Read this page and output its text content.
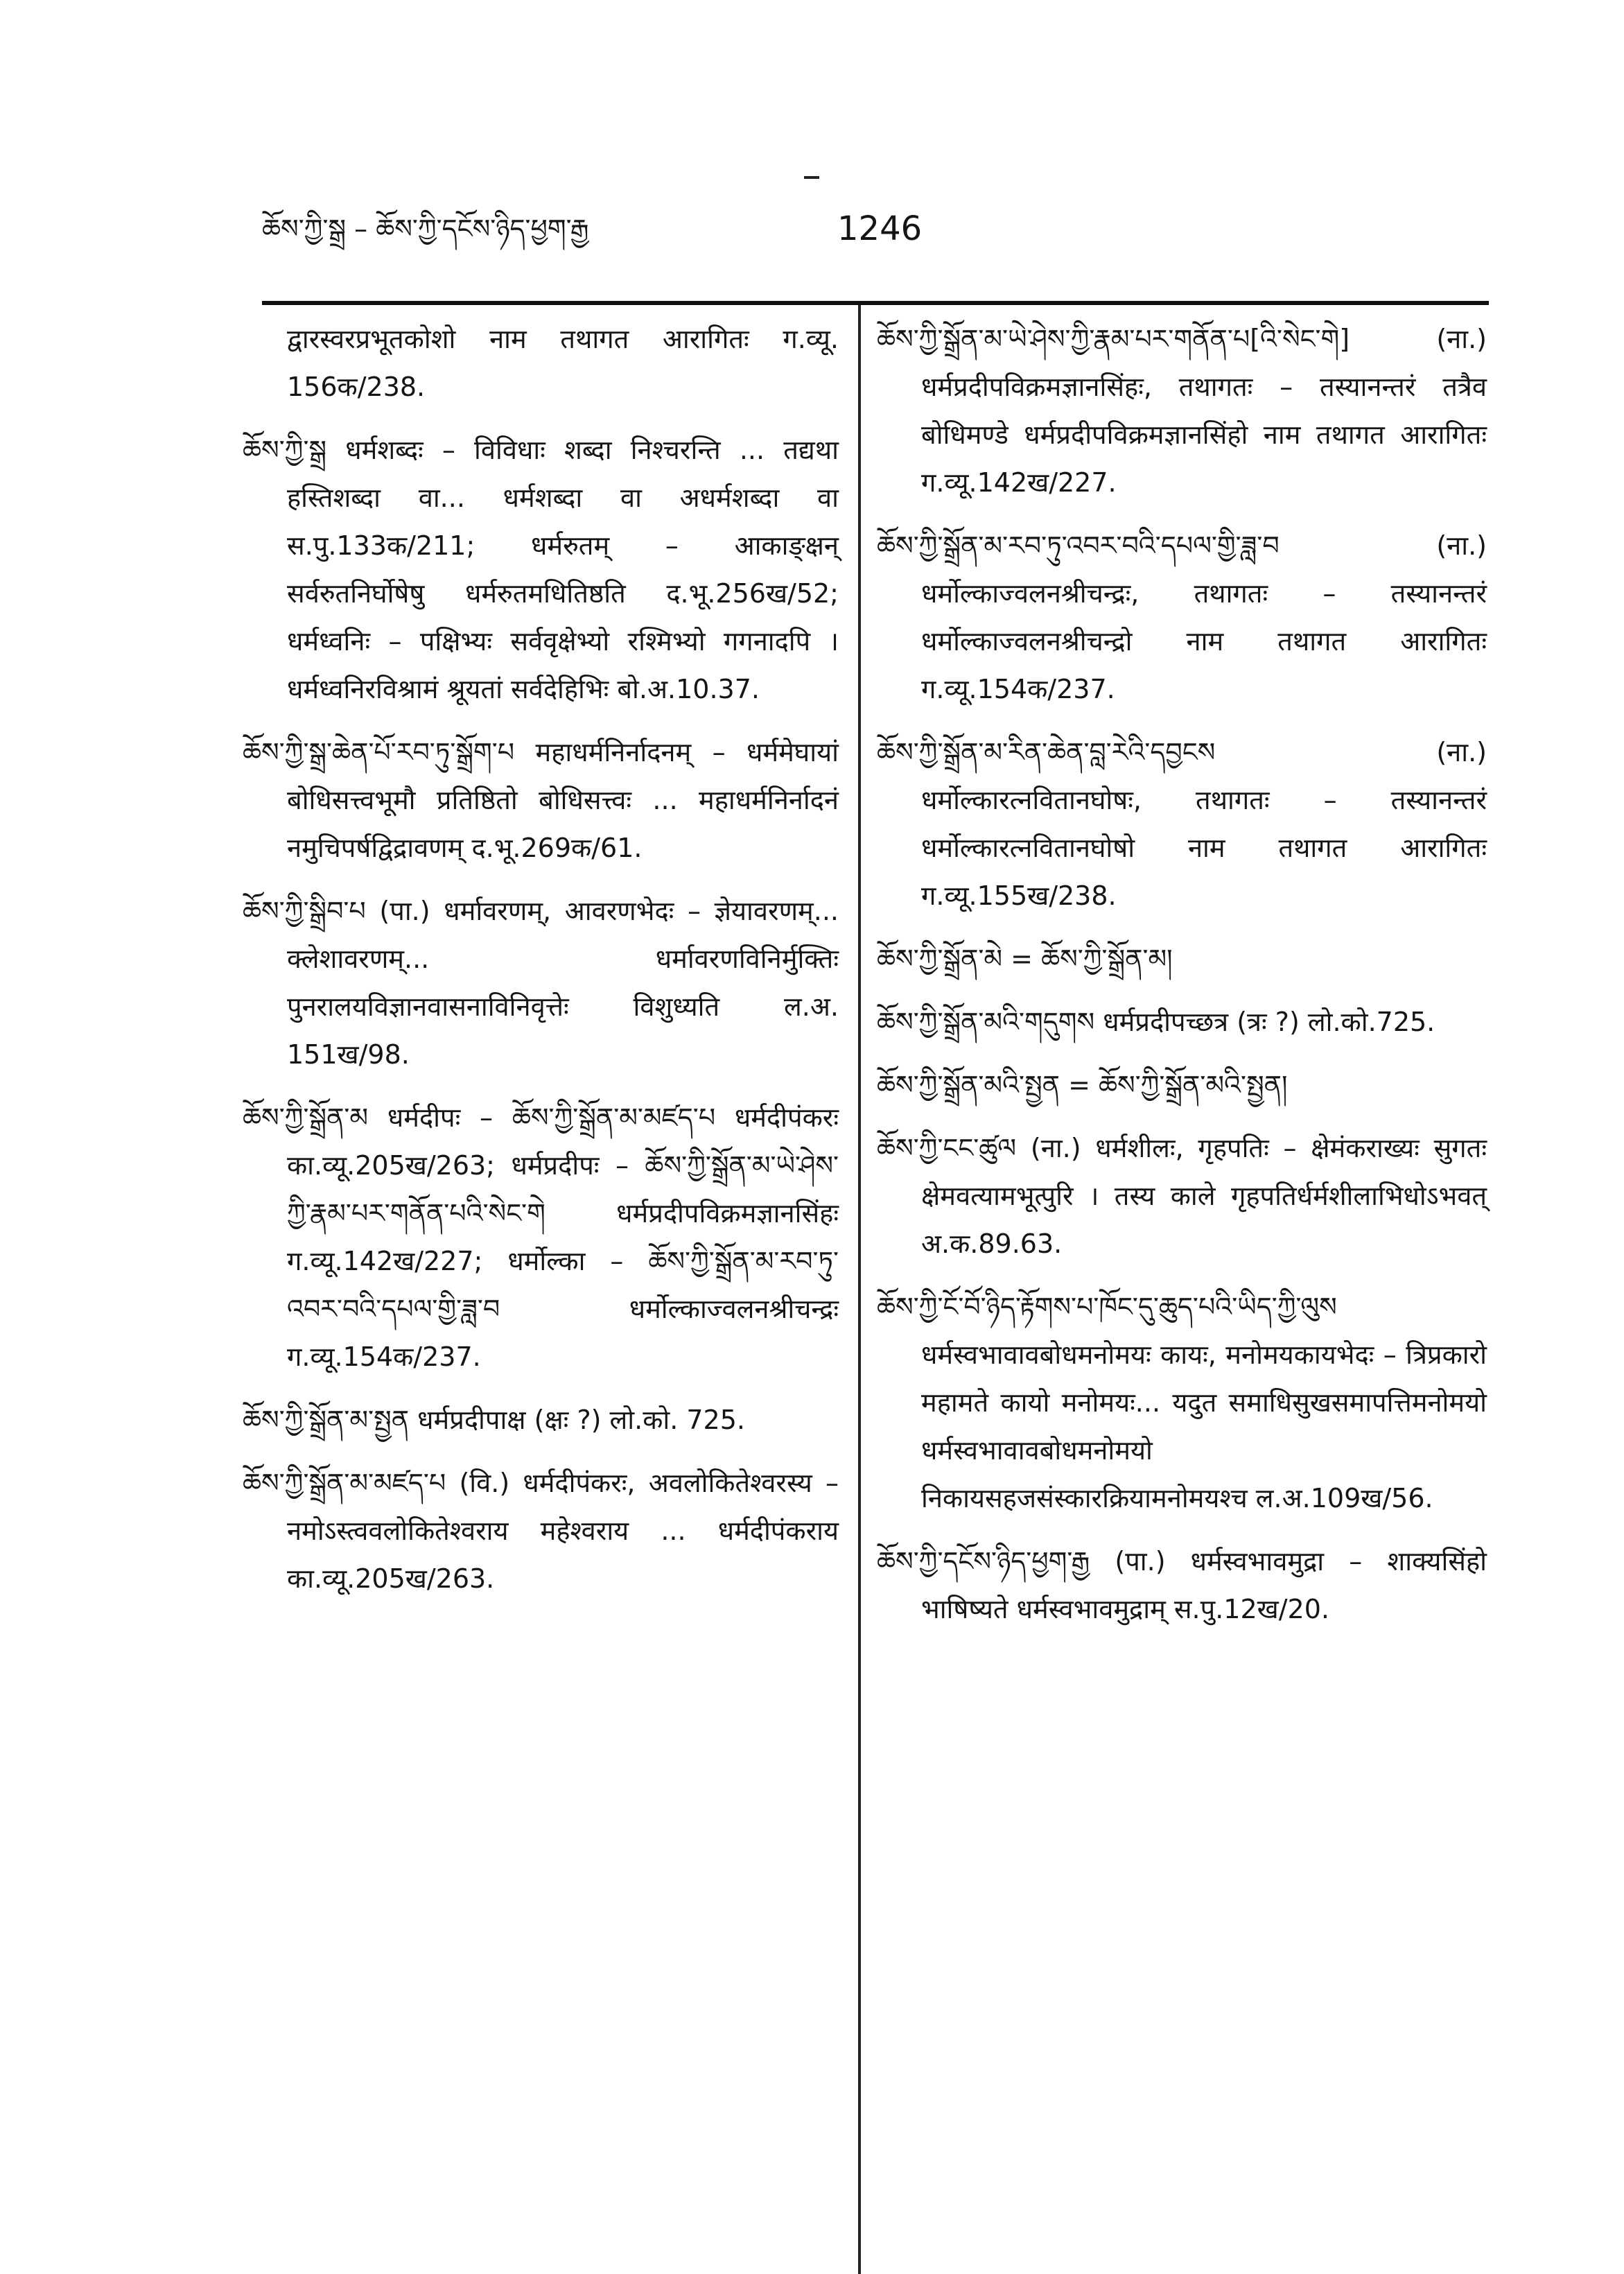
ཆོས་ཀྱི་སྒྲ – ཆོས་ཀྱི་དངོས་ཉིད་ཕྱག་རྒྱ	1246
द्वारस्वरप्रभूतकोशो नाम तथागत आरागितः ग.व्यू. 156क/238.
ཆོས་ཀྱི་སྒྲ धर्मशब्दः – विविधाः शब्दा निश्चरन्ति ... तद्यथा हस्तिशब्दा वा... धर्मशब्दा वा अधर्मशब्दा वा स.पु.133क/211; धर्मरुतम् – आकाङ्क्षन् सर्वरुतनिर्घोषेषु धर्मरुतमधितिष्ठति द.भू.256ख/52; धर्मध्वनिः – पक्षिभ्यः सर्ववृक्षेभ्यो रश्मिभ्यो गगनादपि । धर्मध्वनिरविश्रामं श्रूयतां सर्वदेहिभिः बो.अ.10.37.
ཆོས་ཀྱི་སྒྲ་ཆེན་པོ་རབ་ཏུ་སྒྲོག་པ महाधर्मनिर्नादनम् – धर्ममेघायां बोधिसत्त्वभूमौ प्रतिष्ठितो बोधिसत्त्वः ... महाधर्मनिर्नादनं नमुचिपर्षद्विद्रावणम् द.भू.269क/61.
ཆོས་ཀྱི་སྒྲིབ་པ (पा.) धर्मावरणम्, आवरणभेदः – ज्ञेयावरणम्... क्लेशावरणम्... धर्मावरणविनिर्मुक्तिः पुनरालयविज्ञानवासनाविनिवृत्तेः विशुध्यति ल.अ. 151ख/98.
ཆོས་ཀྱི་སྒྲོན་མ धर्मदीपः – ཆོས་ཀྱི་སྒྲོན་མ་མཛད་པ धर्मदीपंकरः का.व्यू.205ख/263; धर्मप्रदीपः – ཆོས་ཀྱི་སྒྲོན་མ་ཡེ་ཤེས་ཀྱི་རྣམ་པར་གནོན་པའི་སེང་གེ धर्मप्रदीपविक्रमज्ञानसिंहः ग.व्यू.142ख/227; धर्मोल्का – ཆོས་ཀྱི་སྒྲོན་མ་རབ་ཏུ་འབར་བའི་དཔལ་གྱི་ཟླ་བ धर्मोल्काज्वलनश्रीचन्द्रः ग.व्यू.154क/237.
ཆོས་ཀྱི་སྒྲོན་མ་སྤྱན धर्मप्रदीपाक्ष (क्षः ?) लो.को. 725.
ཆོས་ཀྱི་སྒྲོན་མ་མཛད་པ (वि.) धर्मदीपंकरः, अवलोकितेश्वरस्य – नमोऽस्त्ववलोकितेश्वराय महेश्वराय ... धर्मदीपंकराय का.व्यू.205ख/263.
ཆོས་ཀྱི་སྒྲོན་མ་ཡེ་ཤེས་ཀྱི་རྣམ་པར་གནོན་པ[འི་སེང་གེ] (ना.) धर्मप्रदीपविक्रमज्ञानसिंहः, तथागतः – तस्यानन्तरं तत्रैव बोधिमण्डे धर्मप्रदीपविक्रमज्ञानसिंहो नाम तथागत आरागितः ग.व्यू.142ख/227.
ཆོས་ཀྱི་སྒྲོན་མ་རབ་ཏུ་འབར་བའི་དཔལ་གྱི་ཟླ་བ (ना.) धर्मोल्काज्वलनश्रीचन्द्रः, तथागतः – तस्यानन्तरं धर्मोल्काज्वलनश्रीचन्द्रो नाम तथागत आरागितः ग.व्यू.154क/237.
ཆོས་ཀྱི་སྒྲོན་མ་རིན་ཆེན་བླ་རེའི་དབྱངས (ना.) धर्मोल्कारत्नवितानघोषः, तथागतः – तस्यानन्तरं धर्मोल्कारत्नवितानघोषो नाम तथागत आरागितः ग.व्यू.155ख/238.
ཆོས་ཀྱི་སྒྲོན་མེ = ཆོས་ཀྱི་སྒྲོན་མ།
ཆོས་ཀྱི་སྒྲོན་མའི་གདུགས धर्मप्रदीपच्छत्र (त्रः ?) लो.को.725.
ཆོས་ཀྱི་སྒྲོན་མའི་སྤྱན = ཆོས་ཀྱི་སྒྲོན་མའི་སྤྱན།
ཆོས་ཀྱི་ངང་ཚུལ (ना.) धर्मशीलः, गृहपतिः – क्षेमंकराख्यः सुगतः क्षेमवत्यामभूत्पुरि । तस्य काले गृहपतिर्धर्मशीलाभिधोऽभवत् अ.क.89.63.
ཆོས་ཀྱི་ངོ་བོ་ཉིད་རྟོགས་པ་ཁོང་དུ་ཆུད་པའི་ཡིད་ཀྱི་ལུས धर्मस्वभावावबोधमनोमयः कायः, मनोमयकायभेदः – त्रिप्रकारो महामते कायो मनोमयः... यदुत समाधिसुखसमापत्तिमनोमयो धर्मस्वभावावबोधमनोमयो निकायसहजसंस्कारक्रियामनोमयश्च ल.अ.109ख/56.
ཆོས་ཀྱི་དངོས་ཉིད་ཕྱག་རྒྱ (पा.) धर्मस्वभावमुद्रा – शाक्यसिंहो भाषिष्यते धर्मस्वभावमुद्राम् स.पु.12ख/20.
